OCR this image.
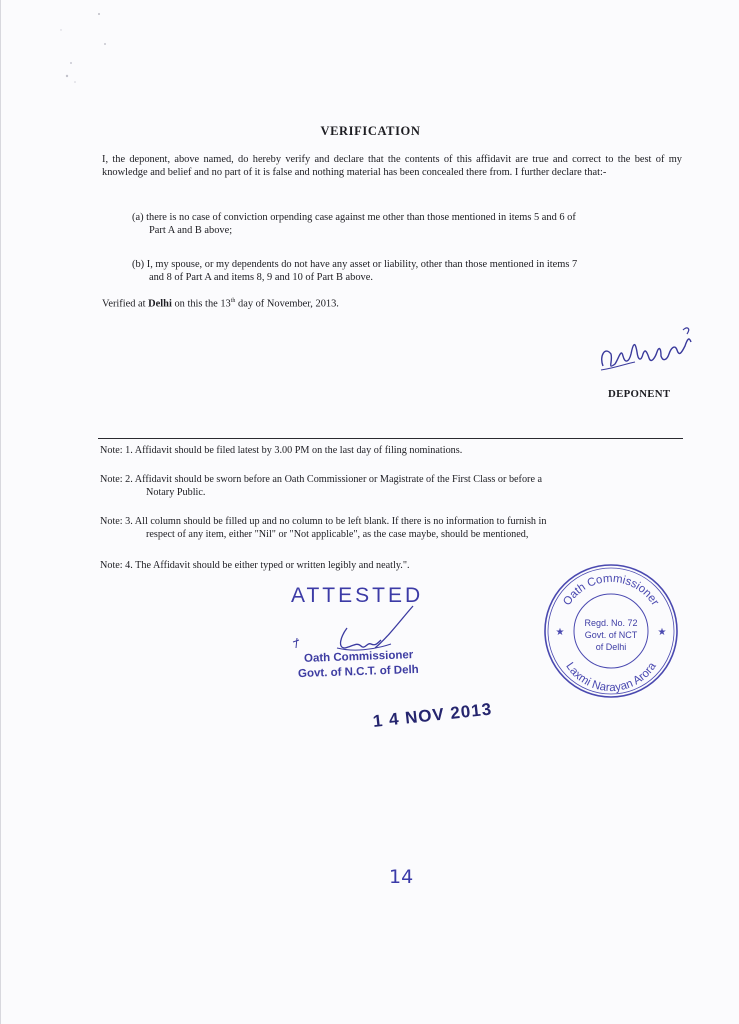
VERIFICATION
I, the deponent, above named, do hereby verify and declare that the contents of this affidavit are true and correct to the best of my knowledge and belief and no part of it is false and nothing material has been concealed there from. I further declare that:-
(a) there is no case of conviction orpending case against me other than those mentioned in items 5 and 6 of
Part A and B above;
(b) I, my spouse, or my dependents do not have any asset or liability, other than those mentioned in items 7
and 8 of Part A and items 8, 9 and 10 of Part B above.
Verified at Delhi on this the 13th day of November, 2013.
DEPONENT
Note: 1. Affidavit should be filed latest by 3.00 PM on the last day of filing nominations.
Note: 2. Affidavit should be sworn before an Oath Commissioner or Magistrate of the First Class or before a
Notary Public.
Note: 3. All column should be filled up and no column to be left blank. If there is no information to furnish in
respect of any item, either "Nil" or "Not applicable", as the case maybe, should be mentioned,
Note: 4. The Affidavit should be either typed or written legibly and neatly.".
ATTESTED
Oath Commissioner
Govt. of N.C.T. of Delh
1 4 NOV 2013
Oath Commissioner
Laxmi Narayan Arora
★	★
Regd. No. 72
Govt. of NCT
of Delhi
14
